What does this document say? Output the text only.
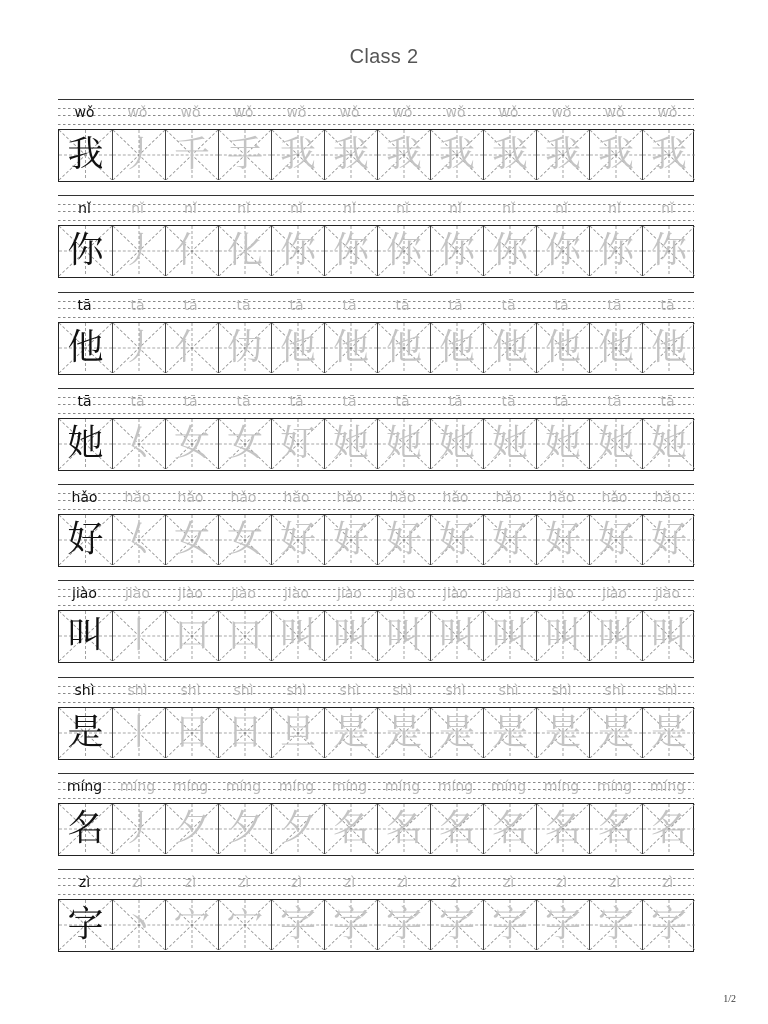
Class 2
wǒ	wǒ	wǒ	wǒ	wǒ	wǒ	wǒ	wǒ	wǒ	wǒ	wǒ	wǒ
我 丿 千 手 我 我 我 我 我 我 我 我
nǐ	nǐ	nǐ	nǐ	nǐ	nǐ	nǐ	nǐ	nǐ	nǐ	nǐ	nǐ
你 丿 亻 化 你 你 你 你 你 你 你 你
tā	tā	tā	tā	tā	tā	tā	tā	tā	tā	tā	tā
他 丿 亻 仂 他 他 他 他 他 他 他 他
tā	tā	tā	tā	tā	tā	tā	tā	tā	tā	tā	tā
她 𡿨 女 女 奵 她 她 她 她 她 她 她
hǎo	hǎo	hǎo	hǎo	hǎo	hǎo	hǎo	hǎo	hǎo	hǎo	hǎo	hǎo
好 𡿨 女 女 好 好 好 好 好 好 好 好
jiào	jiào	jiào	jiào	jiào	jiào	jiào	jiào	jiào	jiào	jiào	jiào
叫 丨 口 口 叫 叫 叫 叫 叫 叫 叫 叫
shì	shì	shì	shì	shì	shì	shì	shì	shì	shì	shì	shì
是 丨 日 日 旦 是 是 是 是 是 是 是
míng	míng	míng	míng	míng	míng	míng	míng	míng	míng	míng	míng
名 丿 夕 夕 夕 名 名 名 名 名 名 名
zì	zì	zì	zì	zì	zì	zì	zì	zì	zì	zì	zì
字 丶 宀 宀 字 字 字 字 字 字 字 字
1/2
